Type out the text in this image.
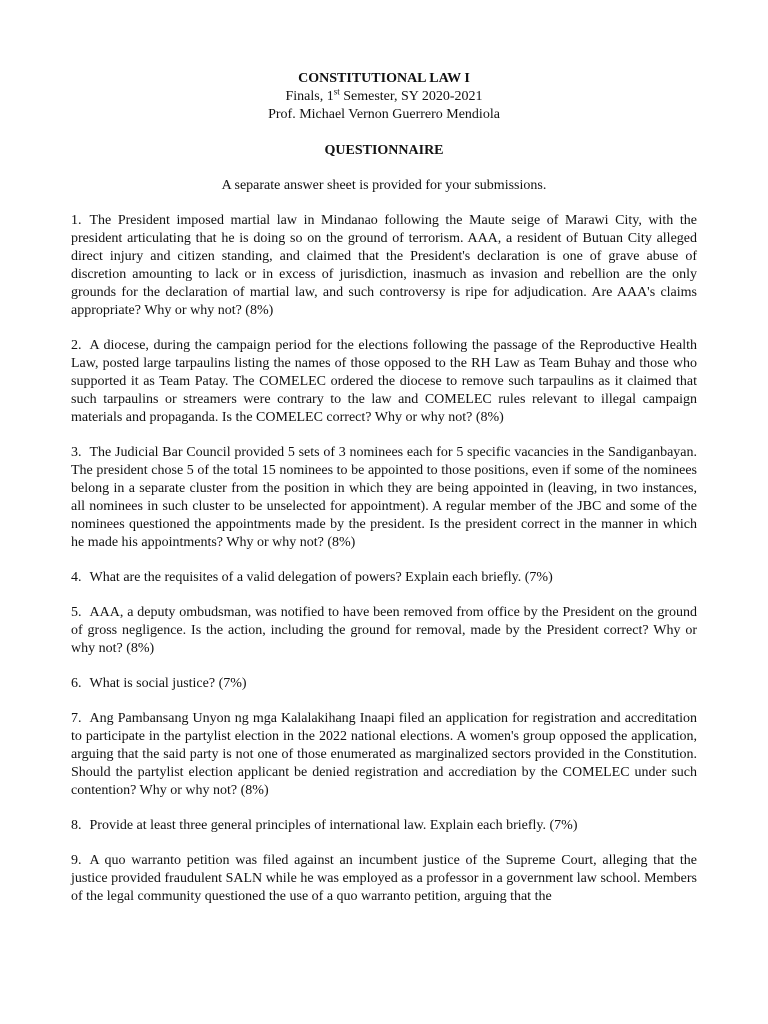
CONSTITUTIONAL LAW I
Finals, 1st Semester, SY 2020-2021
Prof. Michael Vernon Guerrero Mendiola
QUESTIONNAIRE
A separate answer sheet is provided for your submissions.
1. The President imposed martial law in Mindanao following the Maute seige of Marawi City, with the president articulating that he is doing so on the ground of terrorism. AAA, a resident of Butuan City alleged direct injury and citizen standing, and claimed that the President's declaration is one of grave abuse of discretion amounting to lack or in excess of jurisdiction, inasmuch as invasion and rebellion are the only grounds for the declaration of martial law, and such controversy is ripe for adjudication. Are AAA's claims appropriate? Why or why not? (8%)
2. A diocese, during the campaign period for the elections following the passage of the Reproductive Health Law, posted large tarpaulins listing the names of those opposed to the RH Law as Team Buhay and those who supported it as Team Patay. The COMELEC ordered the diocese to remove such tarpaulins as it claimed that such tarpaulins or streamers were contrary to the law and COMELEC rules relevant to illegal campaign materials and propaganda. Is the COMELEC correct? Why or why not? (8%)
3. The Judicial Bar Council provided 5 sets of 3 nominees each for 5 specific vacancies in the Sandiganbayan. The president chose 5 of the total 15 nominees to be appointed to those positions, even if some of the nominees belong in a separate cluster from the position in which they are being appointed in (leaving, in two instances, all nominees in such cluster to be unselected for appointment). A regular member of the JBC and some of the nominees questioned the appointments made by the president. Is the president correct in the manner in which he made his appointments? Why or why not? (8%)
4. What are the requisites of a valid delegation of powers? Explain each briefly. (7%)
5. AAA, a deputy ombudsman, was notified to have been removed from office by the President on the ground of gross negligence. Is the action, including the ground for removal, made by the President correct? Why or why not? (8%)
6. What is social justice? (7%)
7. Ang Pambansang Unyon ng mga Kalalakihang Inaapi filed an application for registration and accreditation to participate in the partylist election in the 2022 national elections. A women's group opposed the application, arguing that the said party is not one of those enumerated as marginalized sectors provided in the Constitution. Should the partylist election applicant be denied registration and accrediation by the COMELEC under such contention? Why or why not? (8%)
8. Provide at least three general principles of international law. Explain each briefly. (7%)
9. A quo warranto petition was filed against an incumbent justice of the Supreme Court, alleging that the justice provided fraudulent SALN while he was employed as a professor in a government law school. Members of the legal community questioned the use of a quo warranto petition, arguing that the
